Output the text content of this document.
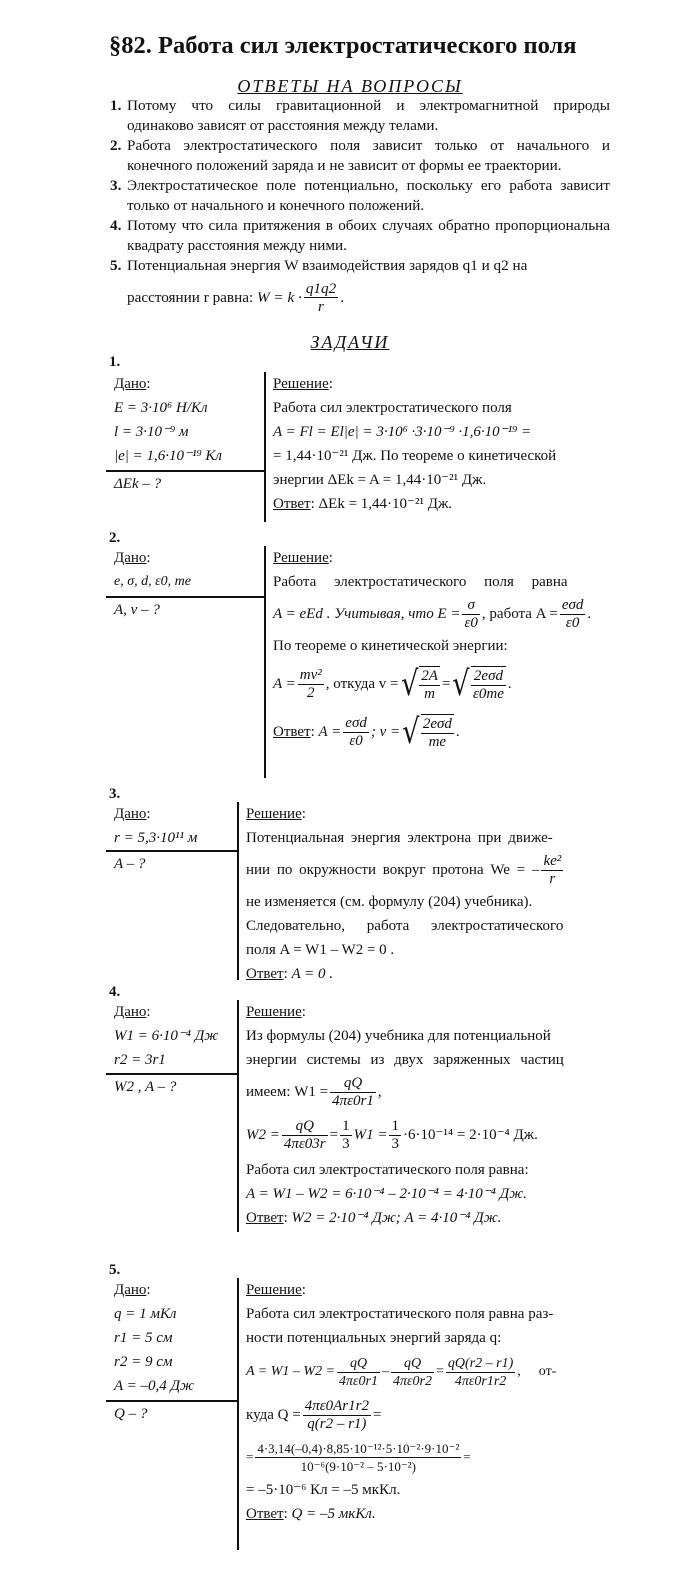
§82. Работа сил электростатического поля
ОТВЕТЫ НА ВОПРОСЫ
1. Потому что силы гравитационной и электромагнитной природы одинаково зависят от расстояния между телами.
2. Работа электростатического поля зависит только от начального и конечного положений заряда и не зависит от формы ее траектории.
3. Электростатическое поле потенциально, поскольку его работа зависит только от начального и конечного положений.
4. Потому что сила притяжения в обоих случаях обратно пропорциональна квадрату расстояния между ними.
5. Потенциальная энергия W взаимодействия зарядов q1 и q2 на
расстоянии r равна:
$W = k \cdot \frac{q1q2}{r}$ .
ЗАДАЧИ
1.
Дано:
E = 3·10⁶ Н/Кл
l = 3·10⁻⁹ м
|e| = 1,6·10⁻¹⁹ Кл
ΔEk – ?
Решение:
Работа сил электростатического поля
A = Fl = El|e| = 3·10⁶ ·3·10⁻⁹ ·1,6·10⁻¹⁹ =
= 1,44·10⁻²¹ Дж. По теореме о кинетической
энергии ΔEk = A = 1,44·10⁻²¹ Дж.
Ответ: ΔEk = 1,44·10⁻²¹ Дж.
2.
Дано:
e, σ, d, ε0, me
A, v – ?
Решение:
Работа электростатического поля равна
A = eEd . Учитывая, что $E = \frac{\sigma}{\varepsilon 0}$ , работа $A = \frac{\text{eσd}}{\varepsilon 0}$ .
По теореме о кинетической энергии:
$A = \frac{\text{mv²}}{2}$ , откуда v = √ $\frac{2A}{m}$ = √ $\frac{\text{2eσd}}{\varepsilon 0me}$ .
Ответ : $A = \frac{\text{eσd}}{\varepsilon 0}$ ; v = √ $\frac{\text{2eσd}}{me}$ .
3.
Дано:
r = 5,3·10¹¹ м
A – ?
Решение:
Потенциальная энергия электрона при движе-
нии по окружности вокруг протона We = – $\frac{\text{ke²}}{r}$
не изменяется (см. формулу (204) учебника).
Следовательно, работа электростатического
поля A = W1 – W2 = 0 .
Ответ: A = 0 .
4.
Дано:
W1 = 6·10⁻⁴ Дж
r2 = 3r1
W2 , A – ?
Решение:
Из формулы (204) учебника для потенциальной
энергии системы из двух заряженных частиц
имеем: $W1 = \frac{qQ}{4\pi\varepsilon 0r1}$ ,
$W2 = \frac{qQ}{4\pi\varepsilon 03r} = \frac{1}{3} W1 = \frac{1}{3} \cdot 6\cdot 10^{-14} = 2\cdot 10^{-4}$ Дж.
Работа сил электростатического поля равна:
A = W1 – W2 = 6·10⁻⁴ – 2·10⁻⁴ = 4·10⁻⁴ Дж.
Ответ: W2 = 2·10⁻⁴ Дж; A = 4·10⁻⁴ Дж.
5.
Дано:
q = 1 мКл
r1 = 5 см
r2 = 9 см
A = –0,4 Дж
Q – ?
Решение:
Работа сил электростатического поля равна раз-
ности потенциальных энергий заряда q:
$A = W1 - W2 = \frac{qQ}{4\pi\varepsilon 0r1} - \frac{qQ}{4\pi\varepsilon 0r2} = \frac{qQ(r2 - r1)}{4\pi\varepsilon 0r1r2}$ , от-
куда $Q = \frac{4\pi\varepsilon 0Ar1r2}{q(r2 - r1)}$ =
= $\frac{\text{4·3,14(–0,4)·8,85·10⁻¹²·5·10⁻²·9·10⁻²}}{\text{10⁻⁶(9·10⁻² – 5·10⁻²)}}$ =
= –5·10⁻⁶ Кл = –5 мкКл.
Ответ: Q = –5 мкКл.
